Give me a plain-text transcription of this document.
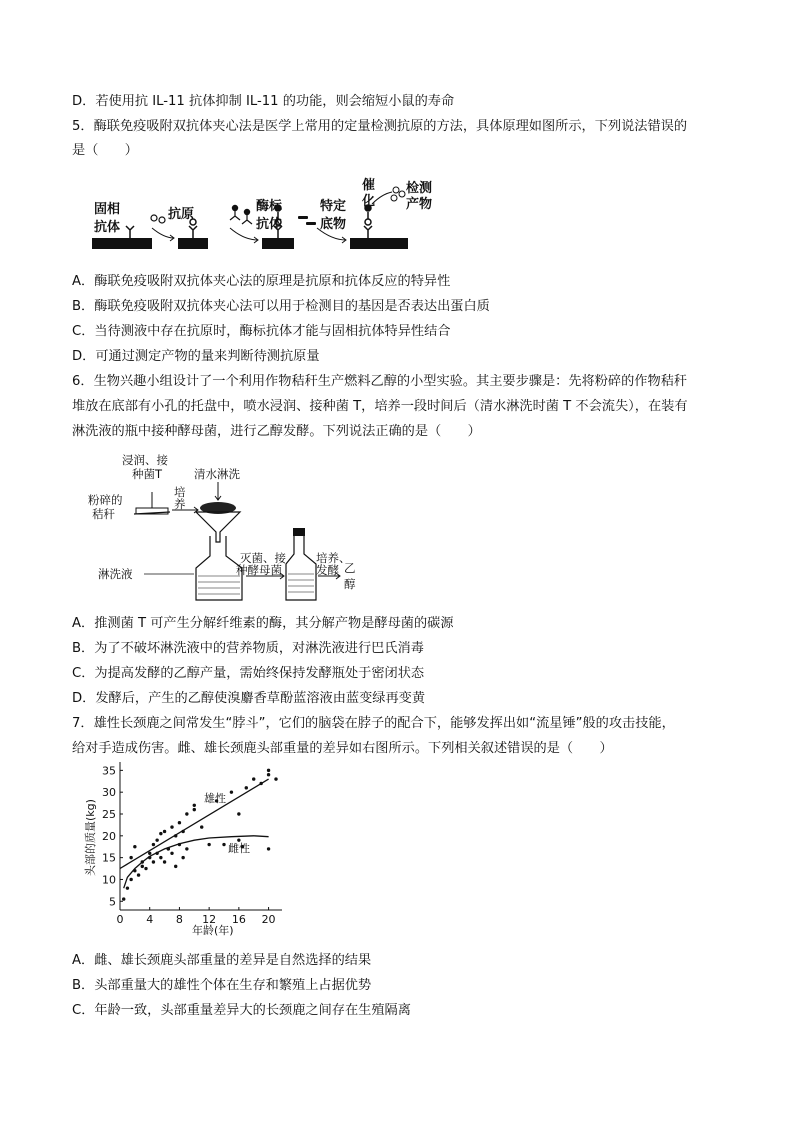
D．若使用抗 IL-11 抗体抑制 IL-11 的功能，则会缩短小鼠的寿命
5．酶联免疫吸附双抗体夹心法是医学上常用的定量检测抗原的方法，具体原理如图所示，下列说法错误的
是（　　）
固相
抗体
抗原
酶标
抗体
特定
底物
催
化
检测
产物
A．酶联免疫吸附双抗体夹心法的原理是抗原和抗体反应的特异性
B．酶联免疫吸附双抗体夹心法可以用于检测目的基因是否表达出蛋白质
C．当待测液中存在抗原时，酶标抗体才能与固相抗体特异性结合
D．可通过测定产物的量来判断待测抗原量
6．生物兴趣小组设计了一个利用作物秸秆生产燃料乙醇的小型实验。其主要步骤是：先将粉碎的作物秸秆
堆放在底部有小孔的托盘中，喷水浸润、接种菌 T，培养一段时间后（清水淋洗时菌 T 不会流失），在装有
淋洗液的瓶中接种酵母菌，进行乙醇发酵。下列说法正确的是（　　）
浸润、接
种菌T
粉碎的
秸秆
培
养
清水淋洗
灭菌、接
种酵母菌
培养、
发酵 乙
醇
淋洗液
A．推测菌 T 可产生分解纤维素的酶，其分解产物是酵母菌的碳源
B．为了不破坏淋洗液中的营养物质，对淋洗液进行巴氏消毒
C．为提高发酵的乙醇产量，需始终保持发酵瓶处于密闭状态
D．发酵后，产生的乙醇使溴麝香草酚蓝溶液由蓝变绿再变黄
7．雄性长颈鹿之间常发生“脖斗”，它们的脑袋在脖子的配合下，能够发挥出如“流星锤”般的攻击技能，
给对手造成伤害。雌、雄长颈鹿头部重量的差异如右图所示。下列相关叙述错误的是（　　）
0 4 8 12 16 20
5
10
15
20
25
30
35
头部的质量(kg)
年龄(年)
雄性
雌性
A．雌、雄长颈鹿头部重量的差异是自然选择的结果
B．头部重量大的雄性个体在生存和繁殖上占据优势
C．年龄一致，头部重量差异大的长颈鹿之间存在生殖隔离
